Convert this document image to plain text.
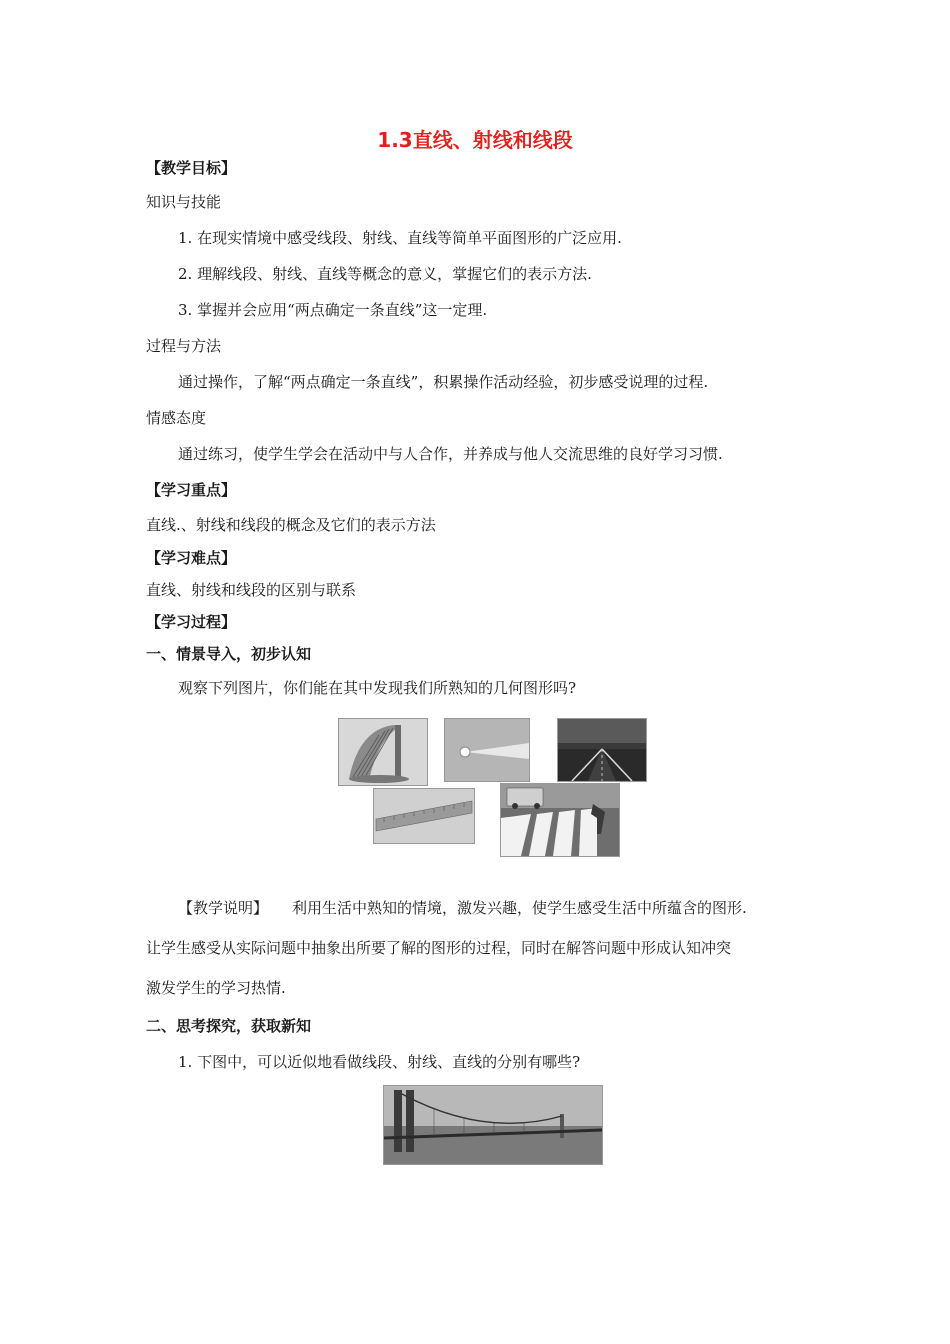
1.3直线、射线和线段
【教学目标】
知识与技能
1. 在现实情境中感受线段、射线、直线等简单平面图形的广泛应用.
2. 理解线段、射线、直线等概念的意义，掌握它们的表示方法.
3. 掌握并会应用“两点确定一条直线”这一定理.
过程与方法
通过操作，了解“两点确定一条直线”，积累操作活动经验，初步感受说理的过程.
情感态度
通过练习，使学生学会在活动中与人合作，并养成与他人交流思维的良好学习习惯.
【学习重点】
直线.、射线和线段的概念及它们的表示方法
【学习难点】
直线、射线和线段的区别与联系
【学习过程】
一、情景导入，初步认知
观察下列图片，你们能在其中发现我们所熟知的几何图形吗?
【教学说明】 利用生活中熟知的情境，激发兴趣，使学生感受生活中所蕴含的图形.
让学生感受从实际问题中抽象出所要了解的图形的过程，同时在解答问题中形成认知冲突
激发学生的学习热情.
二、思考探究，获取新知
1. 下图中，可以近似地看做线段、射线、直线的分别有哪些?
